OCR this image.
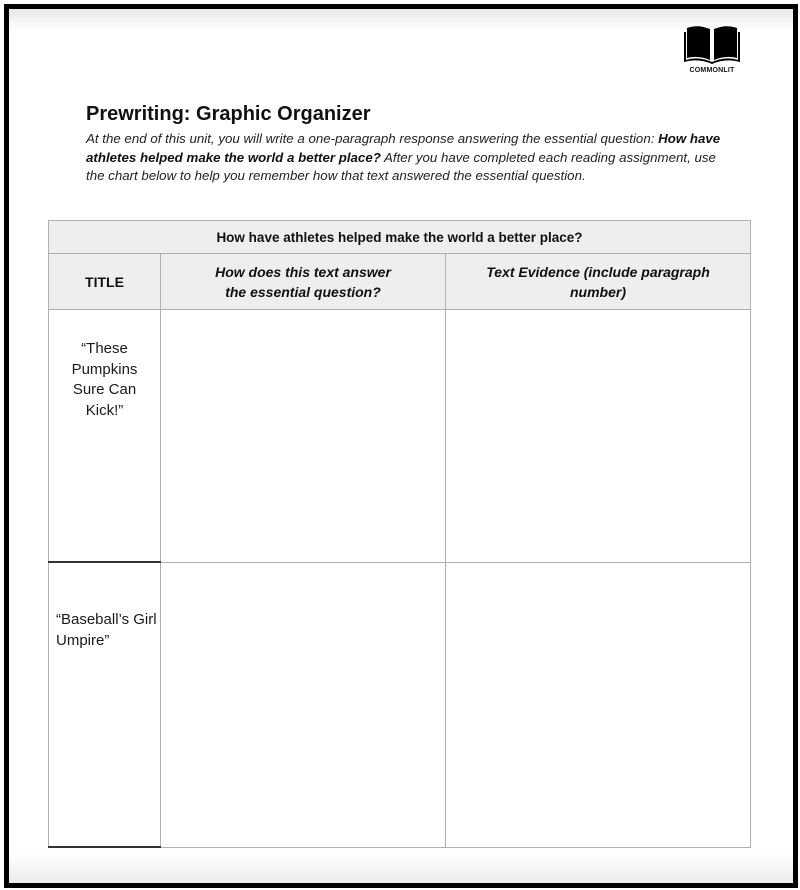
COMMONLIT
Prewriting: Graphic Organizer
At the end of this unit, you will write a one-paragraph response answering the essential question: How have athletes helped make the world a better place? After you have completed each reading assignment, use the chart below to help you remember how that text answered the essential question.
How have athletes helped make the world a better place?		
TITLE	How does this text answer the essential question?	Text Evidence (include paragraph number)

“These Pumpkins Sure Can Kick!”		

“Baseball’s Girl Umpire”		
